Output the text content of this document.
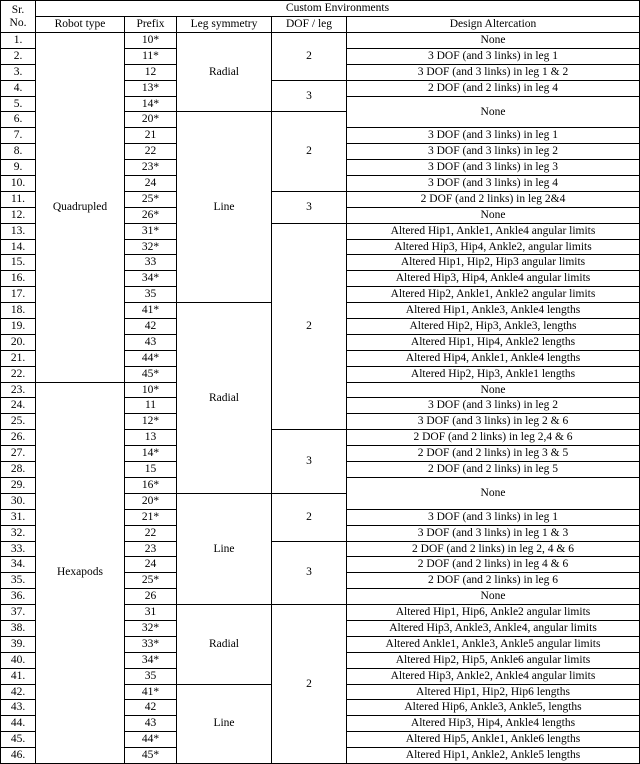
Sr.
No.	Custom Environments				
	Robot type	Prefix	Leg symmetry	DOF / leg	Design Altercation
1.	Quadrupled	10*	Radial	2	None
2.		11*			3 DOF (and 3 links) in leg 1
3.		12			3 DOF (and 3 links) in leg 1 & 2
4.		13*		3	2 DOF (and 2 links) in leg 4
5.		14*			None
6.		20*	Line	2	
7.		21			3 DOF (and 3 links) in leg 1
8.		22			3 DOF (and 3 links) in leg 2
9.		23*			3 DOF (and 3 links) in leg 3
10.		24			3 DOF (and 3 links) in leg 4
11.		25*		3	2 DOF (and 2 links) in leg 2&4
12.		26*			None
13.		31*		2	Altered Hip1, Ankle1, Ankle4 angular limits
14.		32*			Altered Hip3, Hip4, Ankle2, angular limits
15.		33			Altered Hip1, Hip2, Hip3 angular limits
16.		34*			Altered Hip3, Hip4, Ankle4 angular limits
17.		35			Altered Hip2, Ankle1, Ankle2 angular limits
18.		41*	Radial		Altered Hip1, Ankle3, Ankle4 lengths
19.		42			Altered Hip2, Hip3, Ankle3, lengths
20.		43			Altered Hip1, Hip4, Ankle2 lengths
21.		44*			Altered Hip4, Ankle1, Ankle4 lengths
22.		45*			Altered Hip2, Hip3, Ankle1 lengths
23.	Hexapods	10*			None
24.		11			3 DOF (and 3 links) in leg 2
25.		12*			3 DOF (and 3 links) in leg 2 & 6
26.		13		3	2 DOF (and 2 links) in leg 2,4 & 6
27.		14*			2 DOF (and 2 links) in leg 3 & 5
28.		15			2 DOF (and 2 links) in leg 5
29.		16*			None
30.		20*	Line	2	
31.		21*			3 DOF (and 3 links) in leg 1
32.		22			3 DOF (and 3 links) in leg 1 & 3
33.		23		3	2 DOF (and 2 links) in leg 2, 4 & 6
34.		24			2 DOF (and 2 links) in leg 4 & 6
35.		25*			2 DOF (and 2 links) in leg 6
36.		26			None
37.		31	Radial	2	Altered Hip1, Hip6, Ankle2 angular limits
38.		32*			Altered Hip3, Ankle3, Ankle4, angular limits
39.		33*			Altered Ankle1, Ankle3, Ankle5 angular limits
40.		34*			Altered Hip2, Hip5, Ankle6 angular limits
41.		35			Altered Hip3, Ankle2, Ankle4 angular limits
42.		41*	Line		Altered Hip1, Hip2, Hip6 lengths
43.		42			Altered Hip6, Ankle3, Ankle5, lengths
44.		43			Altered Hip3, Hip4, Ankle4 lengths
45.		44*			Altered Hip5, Ankle1, Ankle6 lengths
46.		45*			Altered Hip1, Ankle2, Ankle5 lengths
